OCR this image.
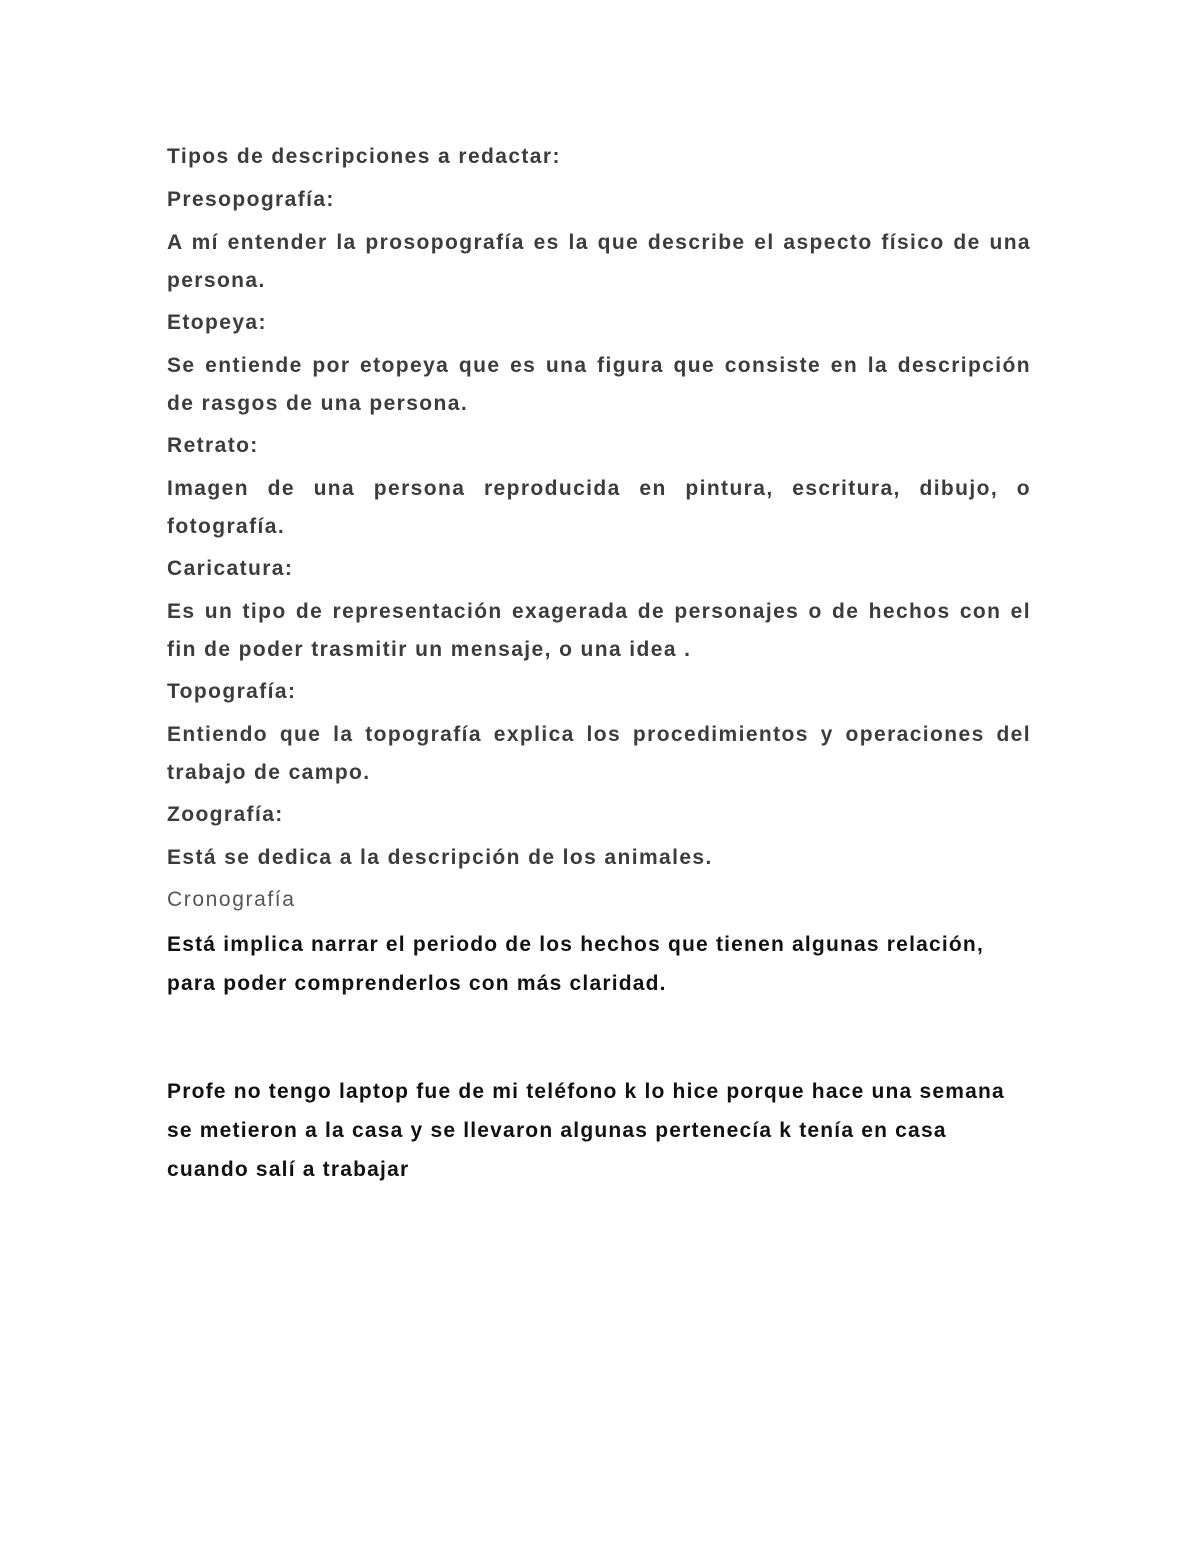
Tipos de descripciones a redactar:

Presopografía:

A mí entender la prosopografía es la que describe el aspecto físico de una persona.

Etopeya:

Se entiende por etopeya que es una figura que consiste en la descripción de rasgos de una persona.

Retrato:

Imagen de una persona reproducida en pintura, escritura, dibujo, o fotografía.

Caricatura:

Es un tipo de representación exagerada de personajes o de hechos con el fin de poder trasmitir un mensaje, o una idea .

Topografía:

Entiendo que la topografía explica los procedimientos y operaciones del trabajo de campo.

Zoografía:

Está se dedica a la descripción de los animales.

Cronografía

Está implica narrar el periodo de los hechos que tienen algunas relación, para poder comprenderlos con más claridad.

Profe no tengo laptop fue de mi teléfono k lo hice porque hace una semana se metieron a la casa y se llevaron algunas pertenecía k tenía en casa cuando salí a trabajar
